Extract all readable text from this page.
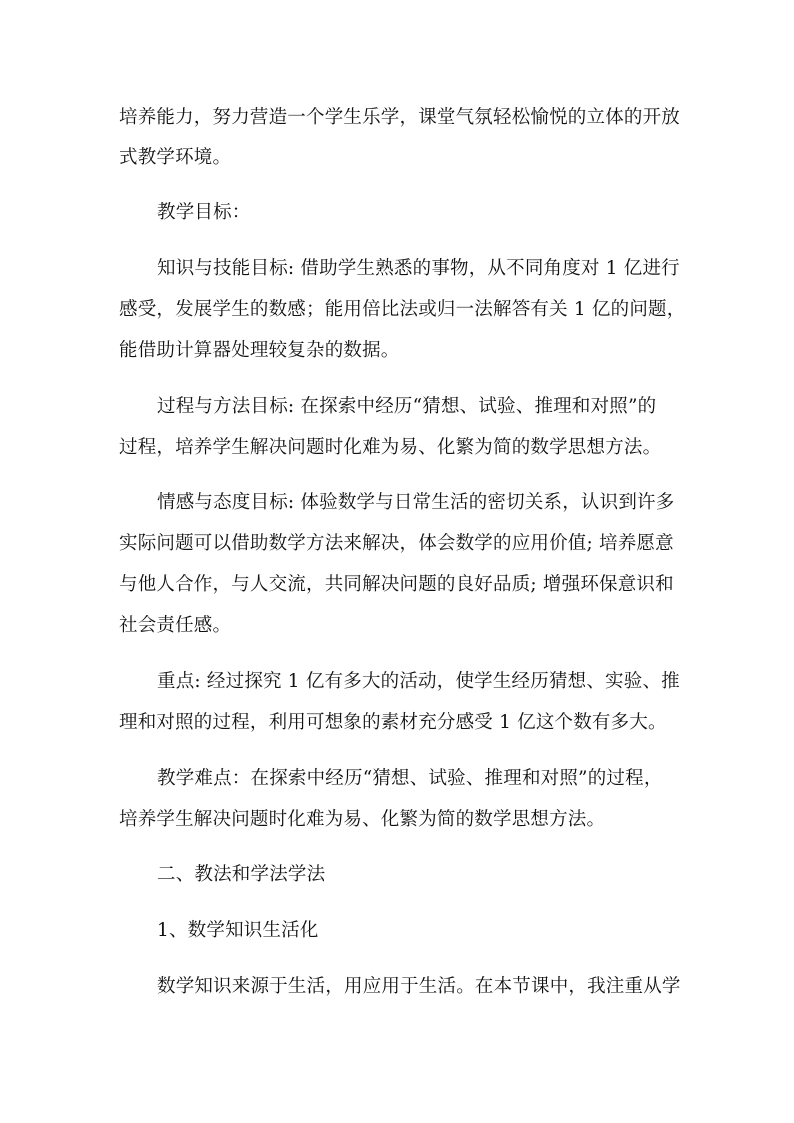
培养能力，努力营造一个学生乐学，课堂气氛轻松愉悦的立体的开放
式教学环境。
教学目标：
知识与技能目标: 借助学生熟悉的事物，从不同角度对 1 亿进行
感受，发展学生的数感；能用倍比法或归一法解答有关 1 亿的问题，
能借助计算器处理较复杂的数据。
过程与方法目标: 在探索中经历“猜想、试验、推理和对照”的
过程，培养学生解决问题时化难为易、化繁为简的数学思想方法。
情感与态度目标: 体验数学与日常生活的密切关系，认识到许多
实际问题可以借助数学方法来解决，体会数学的应用价值; 培养愿意
与他人合作，与人交流，共同解决问题的良好品质; 增强环保意识和
社会责任感。
重点: 经过探究 1 亿有多大的活动，使学生经历猜想、实验、推
理和对照的过程，利用可想象的素材充分感受 1 亿这个数有多大。
教学难点：在探索中经历“猜想、试验、推理和对照”的过程，
培养学生解决问题时化难为易、化繁为简的数学思想方法。
二、教法和学法学法
1、数学知识生活化
数学知识来源于生活，用应用于生活。在本节课中，我注重从学
